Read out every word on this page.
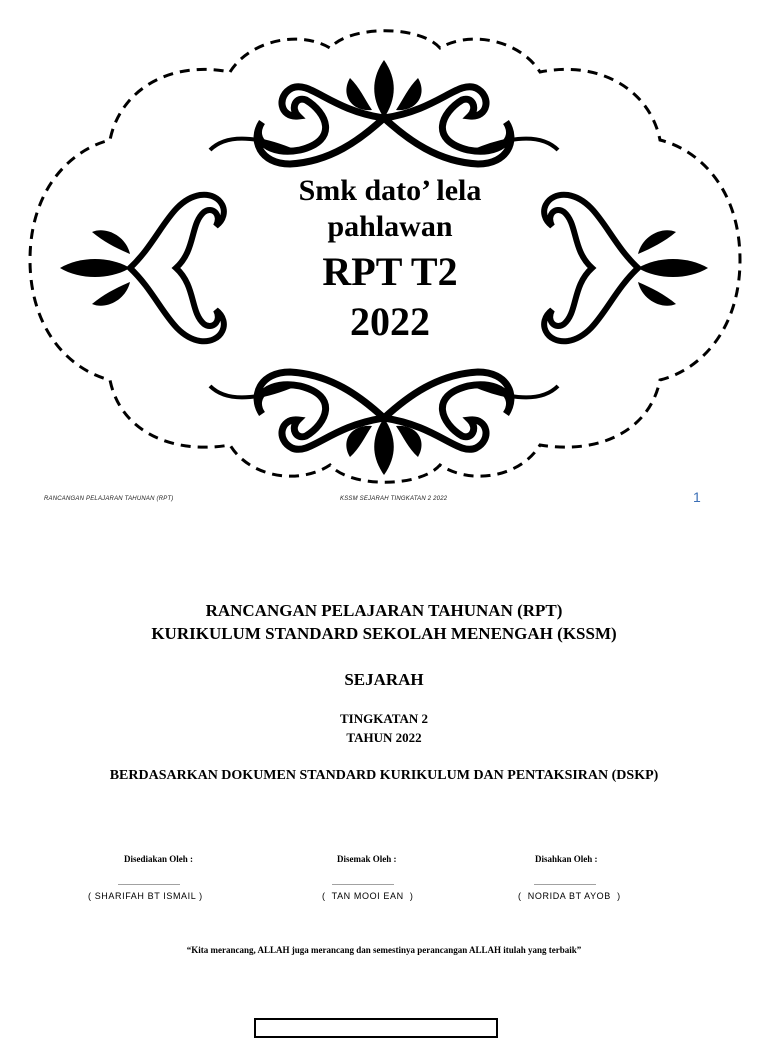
Smk dato’ lela
pahlawan
RPT T2
2022
RANCANGAN PELAJARAN TAHUNAN (RPT)	KSSM SEJARAH TINGKATAN 2 2022	1
RANCANGAN PELAJARAN TAHUNAN (RPT)
KURIKULUM STANDARD SEKOLAH MENENGAH (KSSM)
SEJARAH
TINGKATAN 2
TAHUN 2022
BERDASARKAN DOKUMEN STANDARD KURIKULUM DAN PENTAKSIRAN (DSKP)
Disediakan Oleh :
...............................
( SHARIFAH BT ISMAIL )
Disemak Oleh :
...............................
(  TAN MOOI EAN  )
Disahkan Oleh :
...............................
(  NORIDA BT AYOB  )
“Kita merancang, ALLAH juga merancang dan semestinya perancangan ALLAH itulah yang terbaik”
